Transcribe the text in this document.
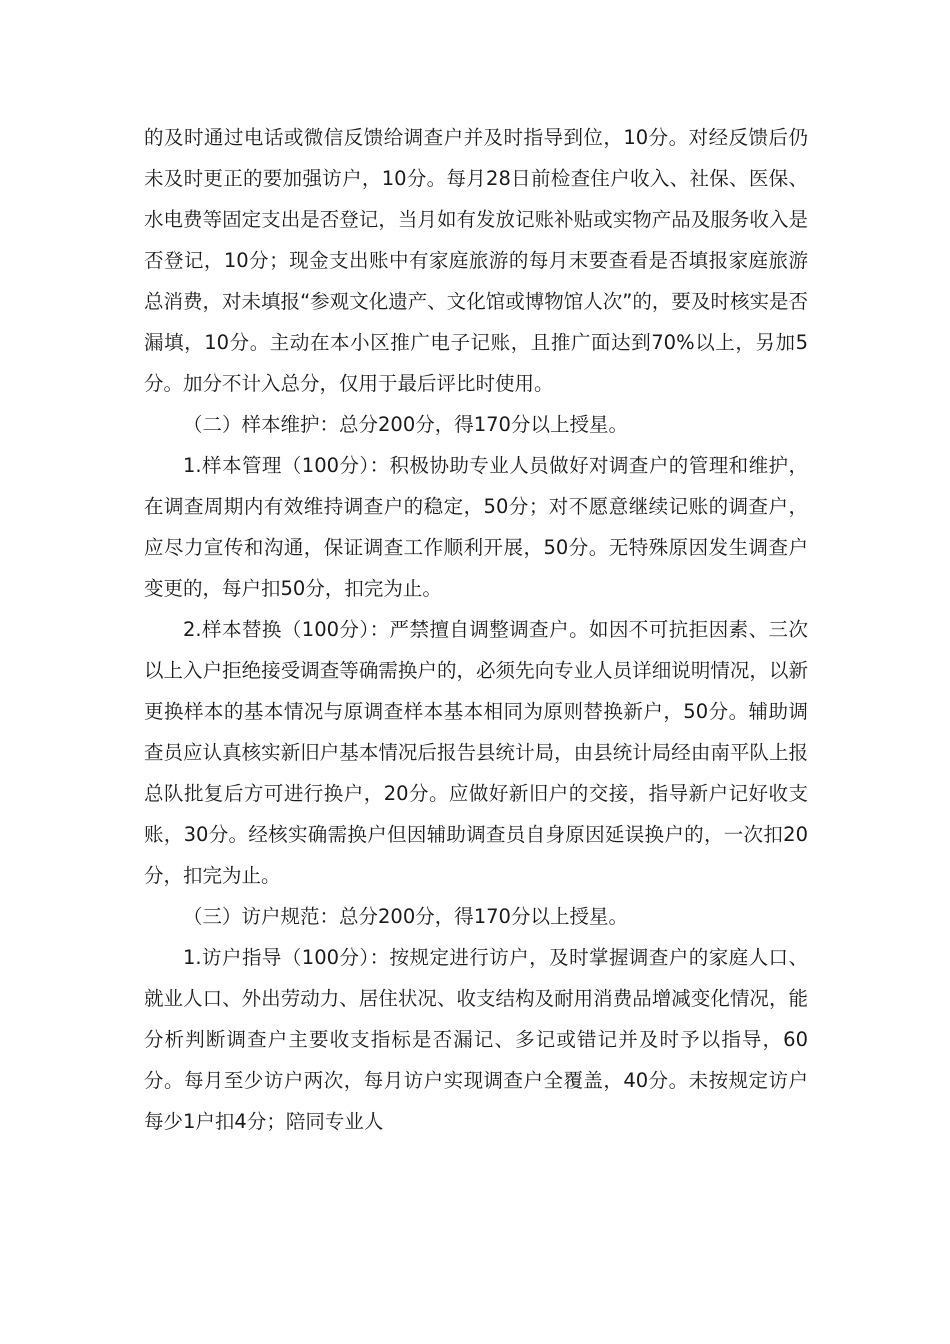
的及时通过电话或微信反馈给调查户并及时指导到位，10分。对经反馈后仍未及时更正的要加强访户，10分。每月28日前检查住户收入、社保、医保、水电费等固定支出是否登记，当月如有发放记账补贴或实物产品及服务收入是否登记，10分；现金支出账中有家庭旅游的每月末要查看是否填报家庭旅游总消费，对未填报“参观文化遗产、文化馆或博物馆人次”的，要及时核实是否漏填，10分。主动在本小区推广电子记账，且推广面达到70%以上，另加5分。加分不计入总分，仅用于最后评比时使用。

（二）样本维护：总分200分，得170分以上授星。

1.样本管理（100分）：积极协助专业人员做好对调查户的管理和维护，在调查周期内有效维持调查户的稳定，50分；对不愿意继续记账的调查户，应尽力宣传和沟通，保证调查工作顺利开展，50分。无特殊原因发生调查户变更的，每户扣50分，扣完为止。

2.样本替换（100分）：严禁擅自调整调查户。如因不可抗拒因素、三次以上入户拒绝接受调查等确需换户的，必须先向专业人员详细说明情况，以新更换样本的基本情况与原调查样本基本相同为原则替换新户，50分。辅助调查员应认真核实新旧户基本情况后报告县统计局，由县统计局经由南平队上报总队批复后方可进行换户，20分。应做好新旧户的交接，指导新户记好收支账，30分。经核实确需换户但因辅助调查员自身原因延误换户的，一次扣20分，扣完为止。

（三）访户规范：总分200分，得170分以上授星。

1.访户指导（100分）：按规定进行访户，及时掌握调查户的家庭人口、就业人口、外出劳动力、居住状况、收支结构及耐用消费品增减变化情况，能分析判断调查户主要收支指标是否漏记、多记或错记并及时予以指导，60分。每月至少访户两次，每月访户实现调查户全覆盖，40分。未按规定访户每少1户扣4分；陪同专业人
